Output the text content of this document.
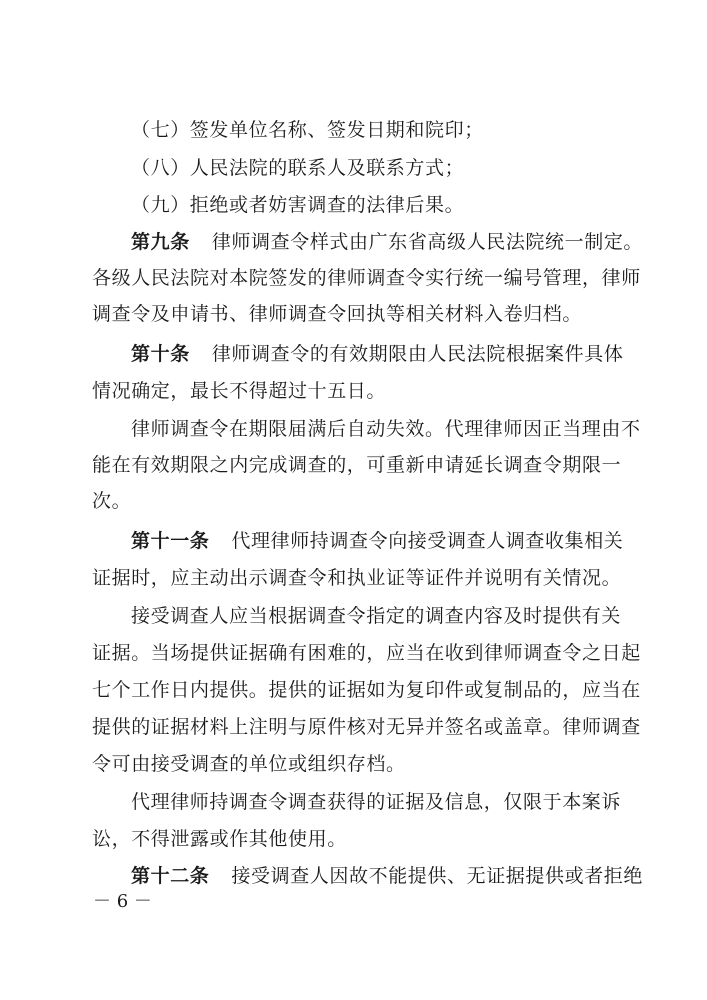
（七）签发单位名称、签发日期和院印；
（八）人民法院的联系人及联系方式；
（九）拒绝或者妨害调查的法律后果。
第九条 律师调查令样式由广东省高级人民法院统一制定。
各级人民法院对本院签发的律师调查令实行统一编号管理，律师
调查令及申请书、律师调查令回执等相关材料入卷归档。
第十条 律师调查令的有效期限由人民法院根据案件具体
情况确定，最长不得超过十五日。
律师调查令在期限届满后自动失效。代理律师因正当理由不
能在有效期限之内完成调查的，可重新申请延长调查令期限一
次。
第十一条 代理律师持调查令向接受调查人调查收集相关
证据时，应主动出示调查令和执业证等证件并说明有关情况。
接受调查人应当根据调查令指定的调查内容及时提供有关
证据。当场提供证据确有困难的，应当在收到律师调查令之日起
七个工作日内提供。提供的证据如为复印件或复制品的，应当在
提供的证据材料上注明与原件核对无异并签名或盖章。律师调查
令可由接受调查的单位或组织存档。
代理律师持调查令调查获得的证据及信息，仅限于本案诉
讼，不得泄露或作其他使用。
第十二条 接受调查人因故不能提供、无证据提供或者拒绝
－ 6 －
